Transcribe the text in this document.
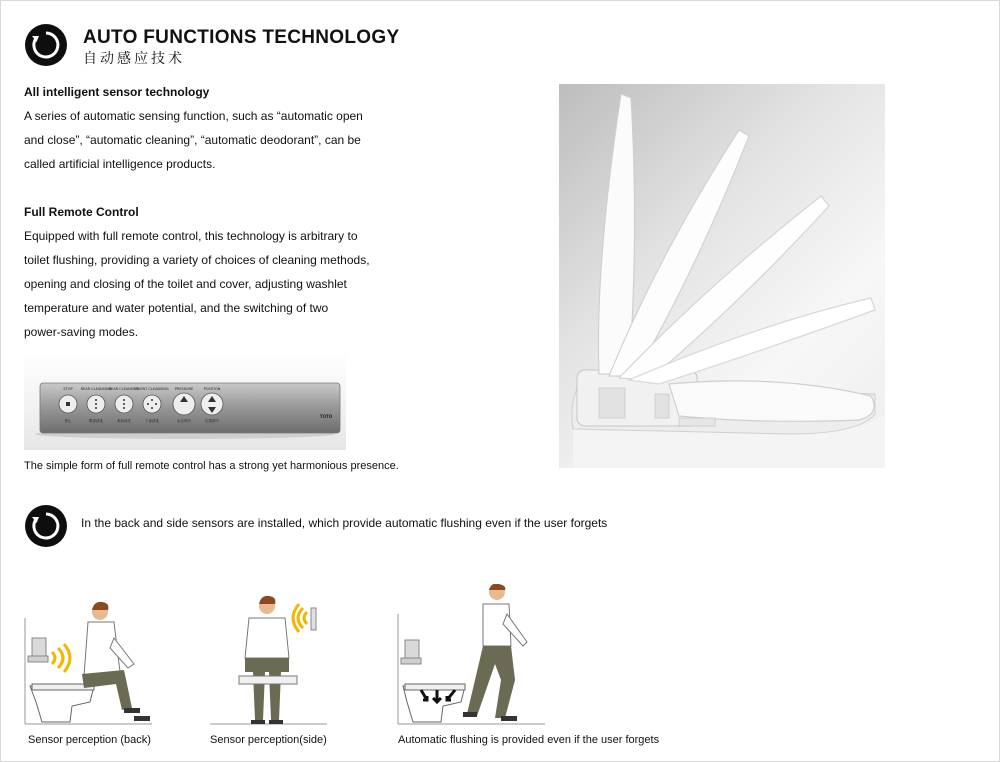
AUTO FUNCTIONS TECHNOLOGY
自动感应技术
All intelligent sensor technology
A series of automatic sensing function, such as “automatic open
and close”, “automatic cleaning”, “automatic deodorant”, can be
called artificial intelligence products.
Full Remote Control
Equipped with full remote control, this technology is arbitrary to
toilet flushing, providing a variety of choices of cleaning methods,
opening and closing of the toilet and cover, adjusting washlet
temperature and water potential, and the switching of two
power-saving modes.
STOP REAR CLEANSING
REAR CLEANSING
FRONT CLEANSING PRESSURE	POSITION
停止	臀部清洗	柔和清洗	下身清洗	水压调节	位置调节
TOTO
The simple form of full remote control has a strong yet harmonious presence.
In the back and side sensors are installed, which provide automatic flushing even if the user forgets
Sensor perception (back)	Sensor perception(side)	Automatic flushing is provided even if the user forgets
